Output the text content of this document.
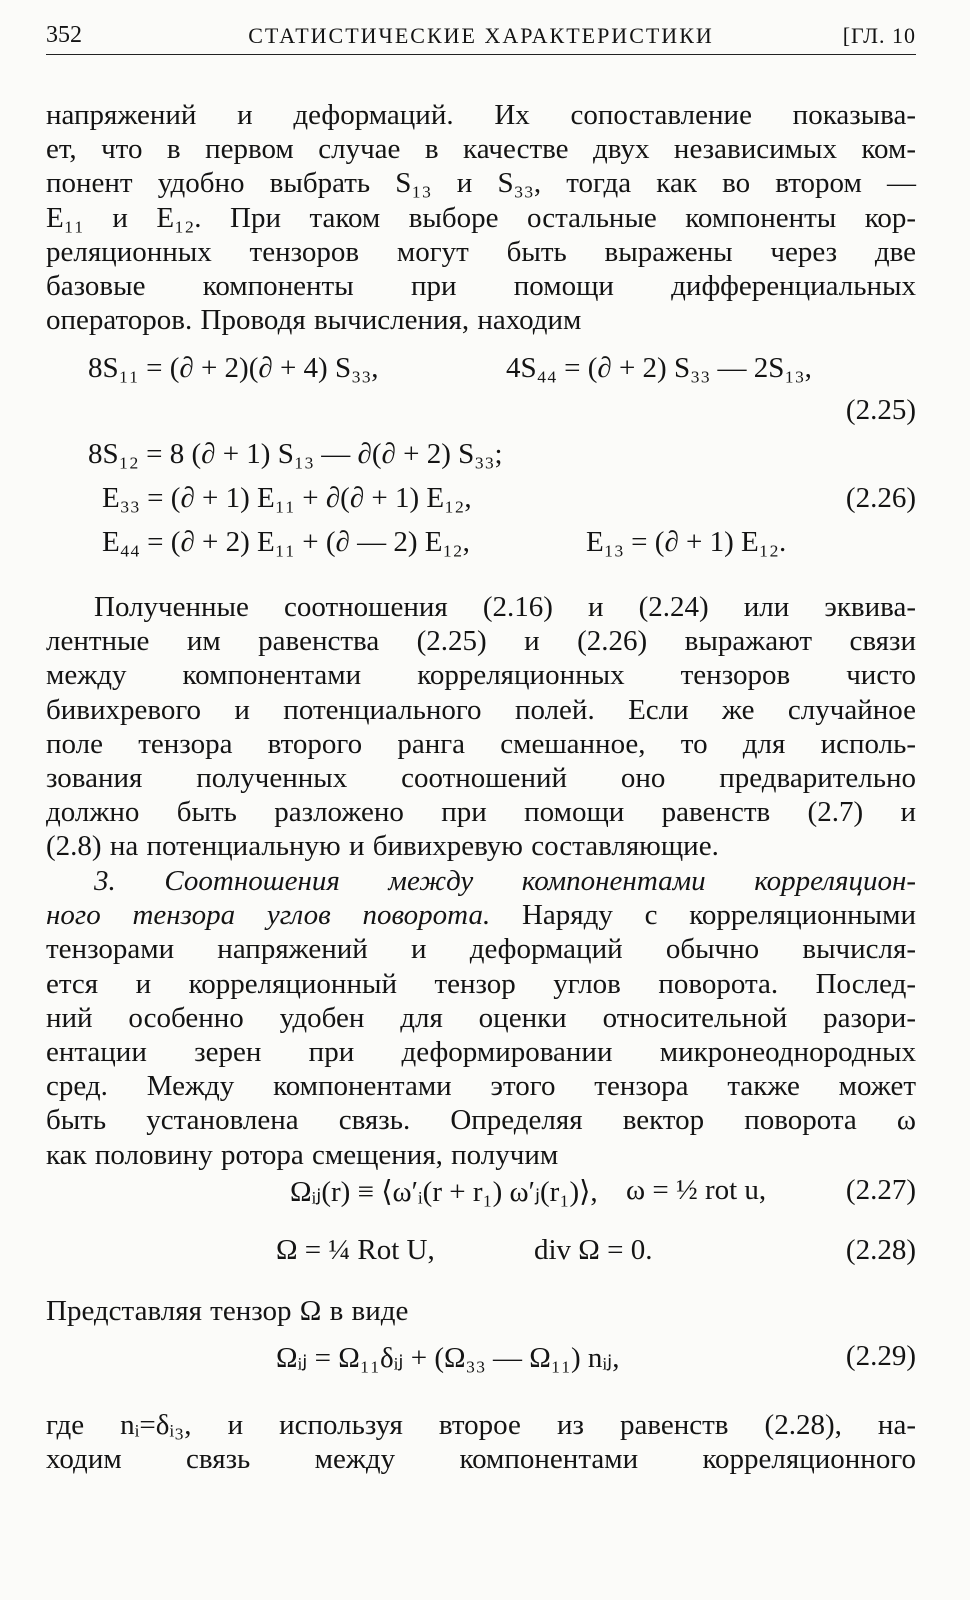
352	СТАТИСТИЧЕСКИЕ ХАРАКТЕРИСТИКИ	[ГЛ. 10
напряжений и деформаций. Их сопоставление показыва-
ет, что в первом случае в качестве двух независимых ком-
понент удобно выбрать S₁₃ и S₃₃, тогда как во втором —
E₁₁ и E₁₂. При таком выборе остальные компоненты кор-
реляционных тензоров могут быть выражены через две
базовые компоненты при помощи дифференциальных
операторов. Проводя вычисления, находим
8S₁₁ = (∂ + 2)(∂ + 4) S₃₃,	4S₄₄ = (∂ + 2) S₃₃ — 2S₁₃,
(2.25)
8S₁₂ = 8 (∂ + 1) S₁₃ — ∂(∂ + 2) S₃₃;
E₃₃ = (∂ + 1) E₁₁ + ∂(∂ + 1) E₁₂,	(2.26)
E₄₄ = (∂ + 2) E₁₁ + (∂ — 2) E₁₂,	E₁₃ = (∂ + 1) E₁₂.
Полученные соотношения (2.16) и (2.24) или эквива-
лентные им равенства (2.25) и (2.26) выражают связи
между компонентами корреляционных тензоров чисто
бивихревого и потенциального полей. Если же случайное
поле тензора второго ранга смешанное, то для исполь-
зования полученных соотношений оно предварительно
должно быть разложено при помощи равенств (2.7) и
(2.8) на потенциальную и бивихревую составляющие.
3. Соотношения между компонентами корреляцион-
ного тензора углов поворота. Наряду с корреляционными
тензорами напряжений и деформаций обычно вычисля-
ется и корреляционный тензор углов поворота. Послед-
ний особенно удобен для оценки относительной разори-
ентации зерен при деформировании микронеоднородных
сред. Между компонентами этого тензора также может
быть установлена связь. Определяя вектор поворота ω
как половину ротора смещения, получим
Ωᵢⱼ(r) ≡ ⟨ω′ᵢ(r + r₁) ω′ⱼ(r₁)⟩, ω = ½ rot u,	(2.27)
Ω = ¼ Rot U,	div Ω = 0.	(2.28)
Представляя тензор Ω в виде
Ωᵢⱼ = Ω₁₁δᵢⱼ + (Ω₃₃ — Ω₁₁) nᵢⱼ,	(2.29)
где nᵢ=δᵢ₃, и используя второе из равенств (2.28), на-
ходим связь между компонентами корреляционного
